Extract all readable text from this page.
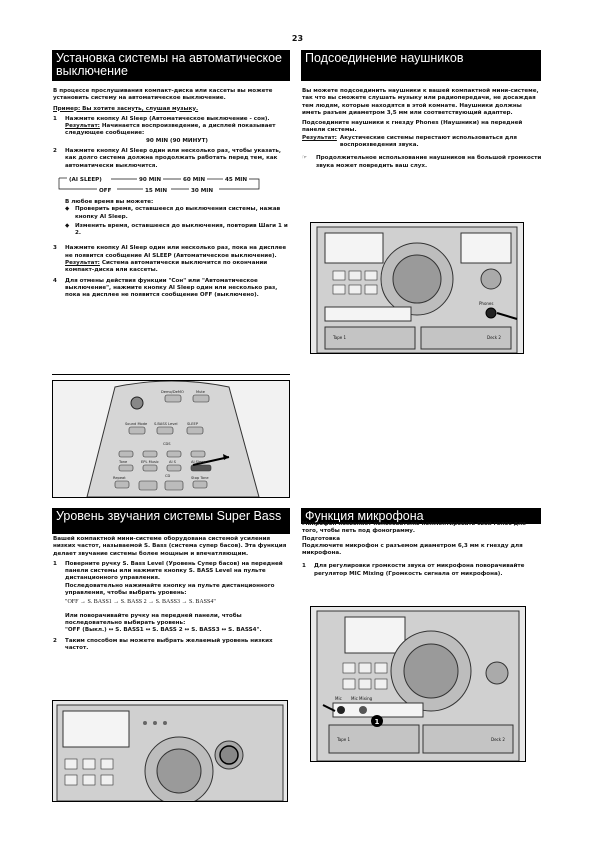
23
Установка системы на автоматическое выключение

В процессе прослушивания компакт-диска или кассеты вы можете установить систему на автоматическое выключение.

Пример: Вы хотите заснуть, слушая музыку.

1	Нажмите кнопку AI Sleep (Автоматическое выключение - сон).
Результат: Начинается воспроизведение, а дисплей показывает следующее сообщение:
90 MIN (90 МИНУТ)
2	Нажмите кнопку AI Sleep один или несколько раз, чтобы указать, как долго система должна продолжать работать перед тем, как автоматически выключится.
(AI SLEEP)	90 MIN	60 MIN	45 MIN
OFF	15 MIN	30 MIN
В любое время вы можете:
◆	Проверить время, оставшееся до выключения системы, нажав кнопку AI Sleep.
◆	Изменить время, оставшееся до выключения, повторив Шаги 1 и 2.
3	Нажмите кнопку AI Sleep один или несколько раз, пока на дисплее не появится сообщение AI SLEEP (Автоматическое выключение).
Результат: Система автоматически выключится по окончании компакт-диска или кассеты.
4	Для отмены действия функции "Сон" или "Автоматическое выключение", нажмите кнопку AI Sleep один или несколько раз, пока на дисплее не появится сообщение OFF (выключено).
Demo/DeMO	Mute
Sound Mode S.BASS Level	SLEEP
CDS
Tone	EPL Music	AI S	AI Sleep
Repeat	CD	Stop Tone
Подсоединение наушников

Вы можете подсоединить наушники к вашей компактной мини-системе, так что вы сможете слушать музыку или радиопередачи, не досаждая тем людям, которые находятся в этой комнате. Наушники должны иметь разъем диаметром 3,5 мм или соответствующий адаптер.

Подсоедините наушники к гнезду Phones (Наушники) на передней панели системы.

Результат: Акустические системы перестают использоваться для воспроизведения звука.
☞	Продолжительное использование наушников на большой громкости звука может повредить ваш слух.
Phones
Tape 1	Deck 2
Уровень звучания системы Super Bass

Вашей компактной мини-системе оборудована системой усиления низких частот, называемой S. Bass (система супер басов). Эта функция делает звучание системы более мощным и впечатляющим.

1	Поверните ручку S. Bass Level (Уровень Супер басов) на передней панели системы или нажмите кнопку S. BASS Level на пульте дистанционного управления.
Последовательно нажимайте кнопку на пульте дистанционного управления, чтобы выбрать уровень:
"OFF → S. BASS1 → S. BASS 2 → S. BASS3 → S. BASS4"
Или поворачивайте ручку на передней панели, чтобы последовательно выбирать уровень:
"OFF (Выкл.) ↔ S. BASS1 ↔ S. BASS 2 ↔ S. BASS3 ↔ S. BASS4".
2	Таким способом вы можете выбрать желаемый уровень низких частот.
Функция микрофона

Микрофон позволяет пользователю комментировать свой голос для того, чтобы петь под фонограмму.

Подготовка

Подключите микрофон с разъемом диаметром 6,3 мм к гнезду для микрофона.

1	Для регулировки громкости звука от микрофона поворачивайте регулятор MIC Mixing (Громкость сигнала от микрофона).
1
Mic Mic Mixing
Tape 1	Deck 2
